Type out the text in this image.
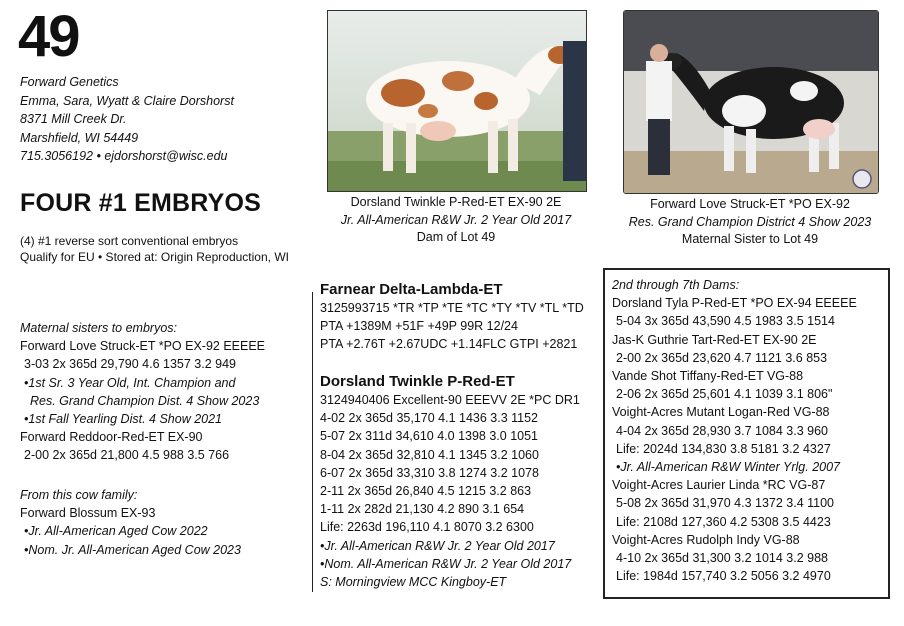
49
Forward Genetics
Emma, Sara, Wyatt & Claire Dorshorst
8371 Mill Creek Dr.
Marshfield, WI 54449
715.3056192 • ejdorshorst@wisc.edu
FOUR #1 EMBRYOS
(4) #1 reverse sort conventional embryos
Qualify for EU • Stored at: Origin Reproduction, WI
Dorsland Twinkle P-Red-ET EX-90 2E
Jr. All-American R&W Jr. 2 Year Old 2017
Dam of Lot 49
Forward Love Struck-ET *PO EX-92
Res. Grand Champion District 4 Show 2023
Maternal Sister to Lot 49
Maternal sisters to embryos:
Forward Love Struck-ET *PO EX-92 EEEEE
3-03 2x 365d 29,790 4.6 1357 3.2 949
•1st Sr. 3 Year Old, Int. Champion and
Res. Grand Champion Dist. 4 Show 2023
•1st Fall Yearling Dist. 4 Show 2021
Forward Reddoor-Red-ET EX-90
2-00 2x 365d 21,800 4.5 988 3.5 766
From this cow family:
Forward Blossum EX-93
•Jr. All-American Aged Cow 2022
•Nom. Jr. All-American Aged Cow 2023
Farnear Delta-Lambda-ET
3125993715 *TR *TP *TE *TC *TY *TV *TL *TD
PTA +1389M +51F +49P 99R 12/24
PTA +2.76T +2.67UDC +1.14FLC GTPI +2821
Dorsland Twinkle P-Red-ET
3124940406 Excellent-90 EEEVV 2E *PC DR1
4-02 2x 365d 35,170 4.1 1436 3.3 1152
5-07 2x 311d 34,610 4.0 1398 3.0 1051
8-04 2x 365d 32,810 4.1 1345 3.2 1060
6-07 2x 365d 33,310 3.8 1274 3.2 1078
2-11 2x 365d 26,840 4.5 1215 3.2 863
1-11 2x 282d 21,130 4.2 890 3.1 654
Life: 2263d 196,110 4.1 8070 3.2 6300
•Jr. All-American R&W Jr. 2 Year Old 2017
•Nom. All-American R&W Jr. 2 Year Old 2017
S: Morningview MCC Kingboy-ET
2nd through 7th Dams:
Dorsland Tyla P-Red-ET *PO EX-94 EEEEE
5-04 3x 365d 43,590 4.5 1983 3.5 1514
Jas-K Guthrie Tart-Red-ET EX-90 2E
2-00 2x 365d 23,620 4.7 1121 3.6 853
Vande Shot Tiffany-Red-ET VG-88
2-06 2x 365d 25,601 4.1 1039 3.1 806"
Voight-Acres Mutant Logan-Red VG-88
4-04 2x 365d 28,930 3.7 1084 3.3 960
Life: 2024d 134,830 3.8 5181 3.2 4327
•Jr. All-American R&W Winter Yrlg. 2007
Voight-Acres Laurier Linda *RC VG-87
5-08 2x 365d 31,970 4.3 1372 3.4 1100
Life: 2108d 127,360 4.2 5308 3.5 4423
Voight-Acres Rudolph Indy VG-88
4-10 2x 365d 31,300 3.2 1014 3.2 988
Life: 1984d 157,740 3.2 5056 3.2 4970
